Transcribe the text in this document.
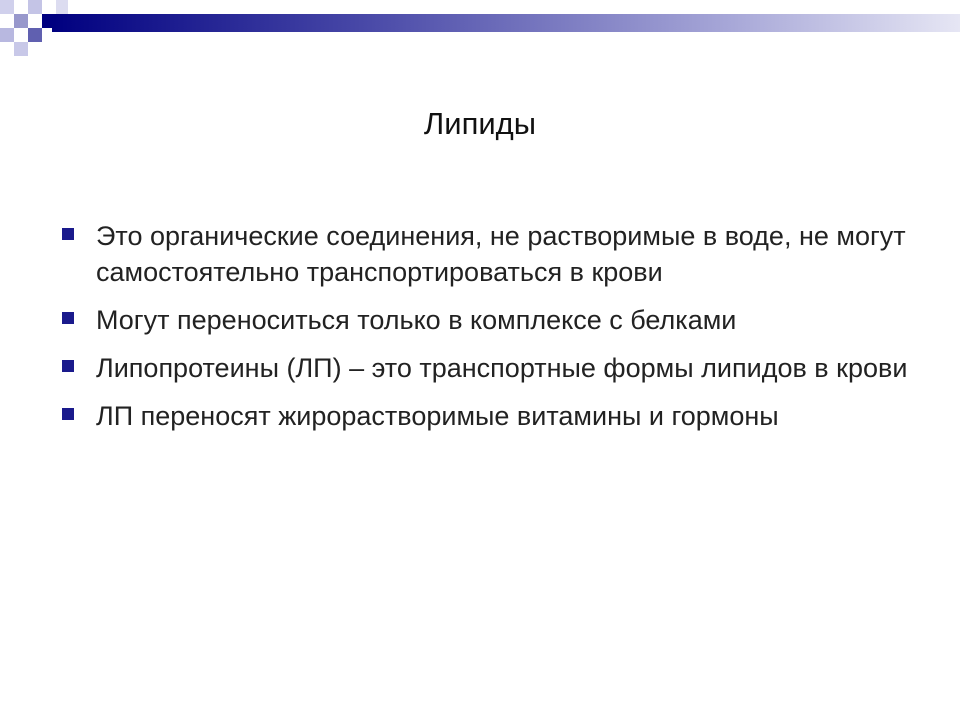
Липиды
Это органические соединения, не растворимые в воде, не могут самостоятельно транспортироваться в крови
Могут переноситься только в комплексе с белками
Липопротеины (ЛП) – это транспортные формы липидов в крови
ЛП переносят жирорастворимые витамины и гормоны
